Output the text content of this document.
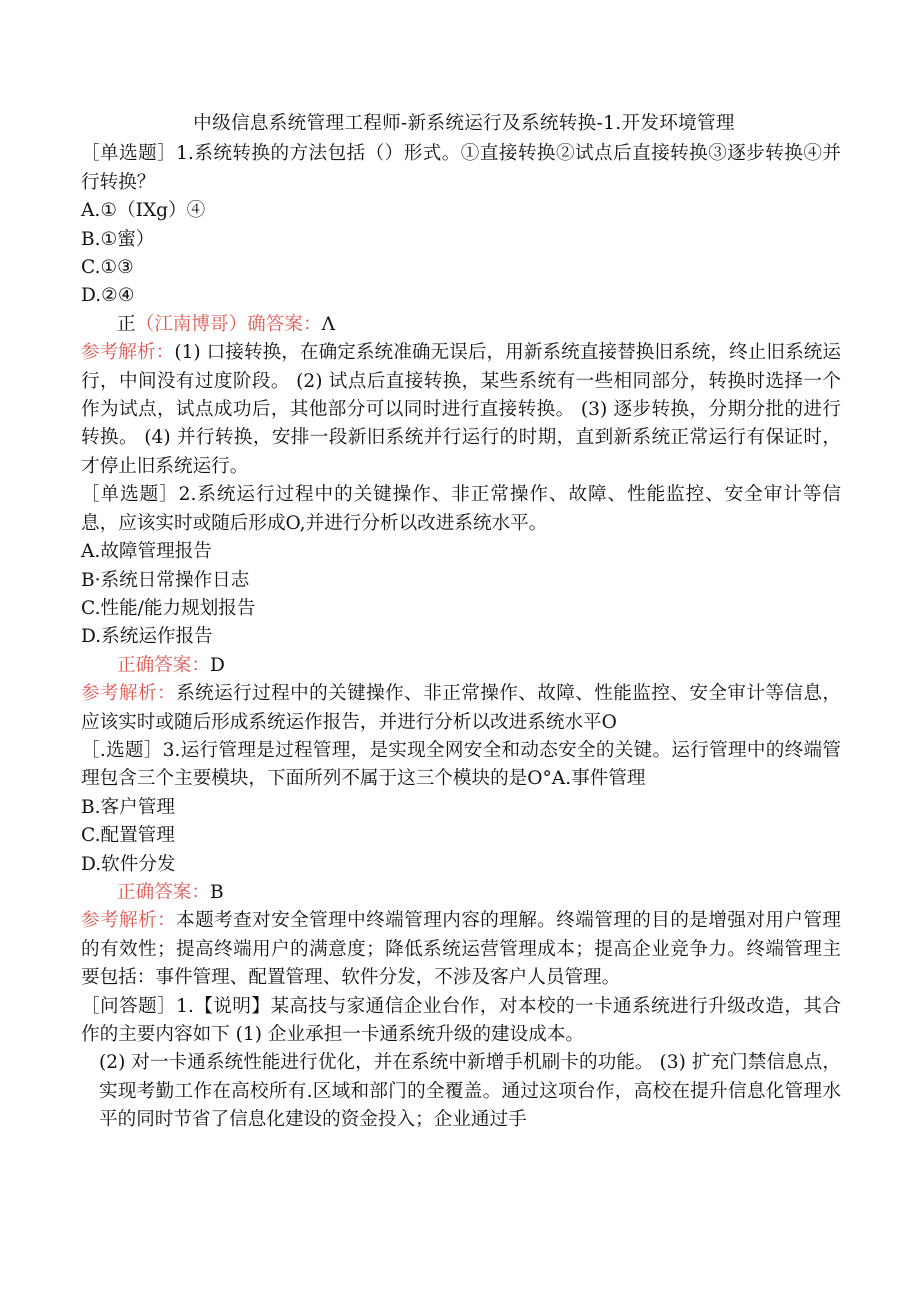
中级信息系统管理工程师-新系统运行及系统转换-1.开发环境管理

［单选题］1.系统转换的方法包括（）形式。①直接转换②试点后直接转换③逐步转换④并行转换？

A.①（IXg）④

B.①蜜）

C.①③

D.②④

正（江南博哥）确答案：Λ

参考解析：(1) 口接转换，在确定系统准确无误后，用新系统直接替换旧系统，终止旧系统运行，中间没有过度阶段。 (2) 试点后直接转换，某些系统有一些相同部分，转换时选择一个作为试点，试点成功后，其他部分可以同时进行直接转换。 (3) 逐步转换，分期分批的进行转换。 (4) 并行转换，安排一段新旧系统并行运行的时期，直到新系统正常运行有保证时，才停止旧系统运行。

［单选题］2.系统运行过程中的关键操作、非正常操作、故障、性能监控、安全审计等信息，应该实时或随后形成O,并进行分析以改进系统水平。

A.故障管理报告

B·系统日常操作日志

C.性能/能力规划报告

D.系统运作报告

正确答案：D

参考解析：系统运行过程中的关键操作、非正常操作、故障、性能监控、安全审计等信息，应该实时或随后形成系统运作报告，并进行分析以改进系统水平O

［.选题］3.运行管理是过程管理，是实现全网安全和动态安全的关键。运行管理中的终端管理包含三个主要模块，下面所列不属于这三个模块的是O°A.事件管理

B.客户管理

C.配置管理

D.软件分发

正确答案：B

参考解析：本题考查对安全管理中终端管理内容的理解。终端管理的目的是增强对用户管理的有效性；提高终端用户的满意度；降低系统运营管理成本；提高企业竞争力。终端管理主要包括：事件管理、配置管理、软件分发，不涉及客户人员管理。

［问答题］1.【说明】某高技与家通信企业台作，对本校的一卡通系统进行升级改造，其合作的主要内容如下 (1) 企业承担一卡通系统升级的建设成本。

(2) 对一卡通系统性能进行优化，并在系统中新增手机刷卡的功能。 (3) 扩充门禁信息点，实现考勤工作在高校所有.区域和部门的全覆盖。通过这项台作，高校在提升信息化管理水平的同时节省了信息化建设的资金投入；企业通过手
